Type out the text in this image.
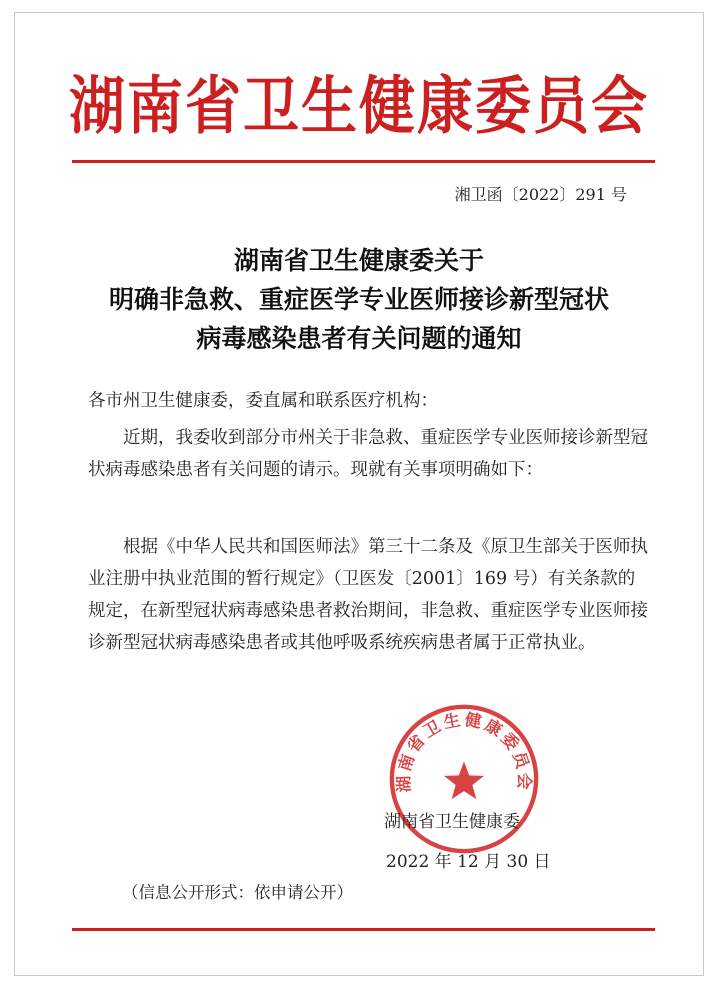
湖南省卫生健康委员会
湘卫函〔2022〕291 号
湖南省卫生健康委关于
明确非急救、重症医学专业医师接诊新型冠状
病毒感染患者有关问题的通知
各市州卫生健康委，委直属和联系医疗机构：
近期，我委收到部分市州关于非急救、重症医学专业医师接诊新型冠状病毒感染患者有关问题的请示。现就有关事项明确如下：
根据《中华人民共和国医师法》第三十二条及《原卫生部关于医师执业注册中执业范围的暂行规定》（卫医发〔2001〕169 号）有关条款的规定，在新型冠状病毒感染患者救治期间，非急救、重症医学专业医师接诊新型冠状病毒感染患者或其他呼吸系统疾病患者属于正常执业。
湖南省卫生健康委员会
湖南省卫生健康委
2022 年 12 月 30 日
（信息公开形式：依申请公开）
